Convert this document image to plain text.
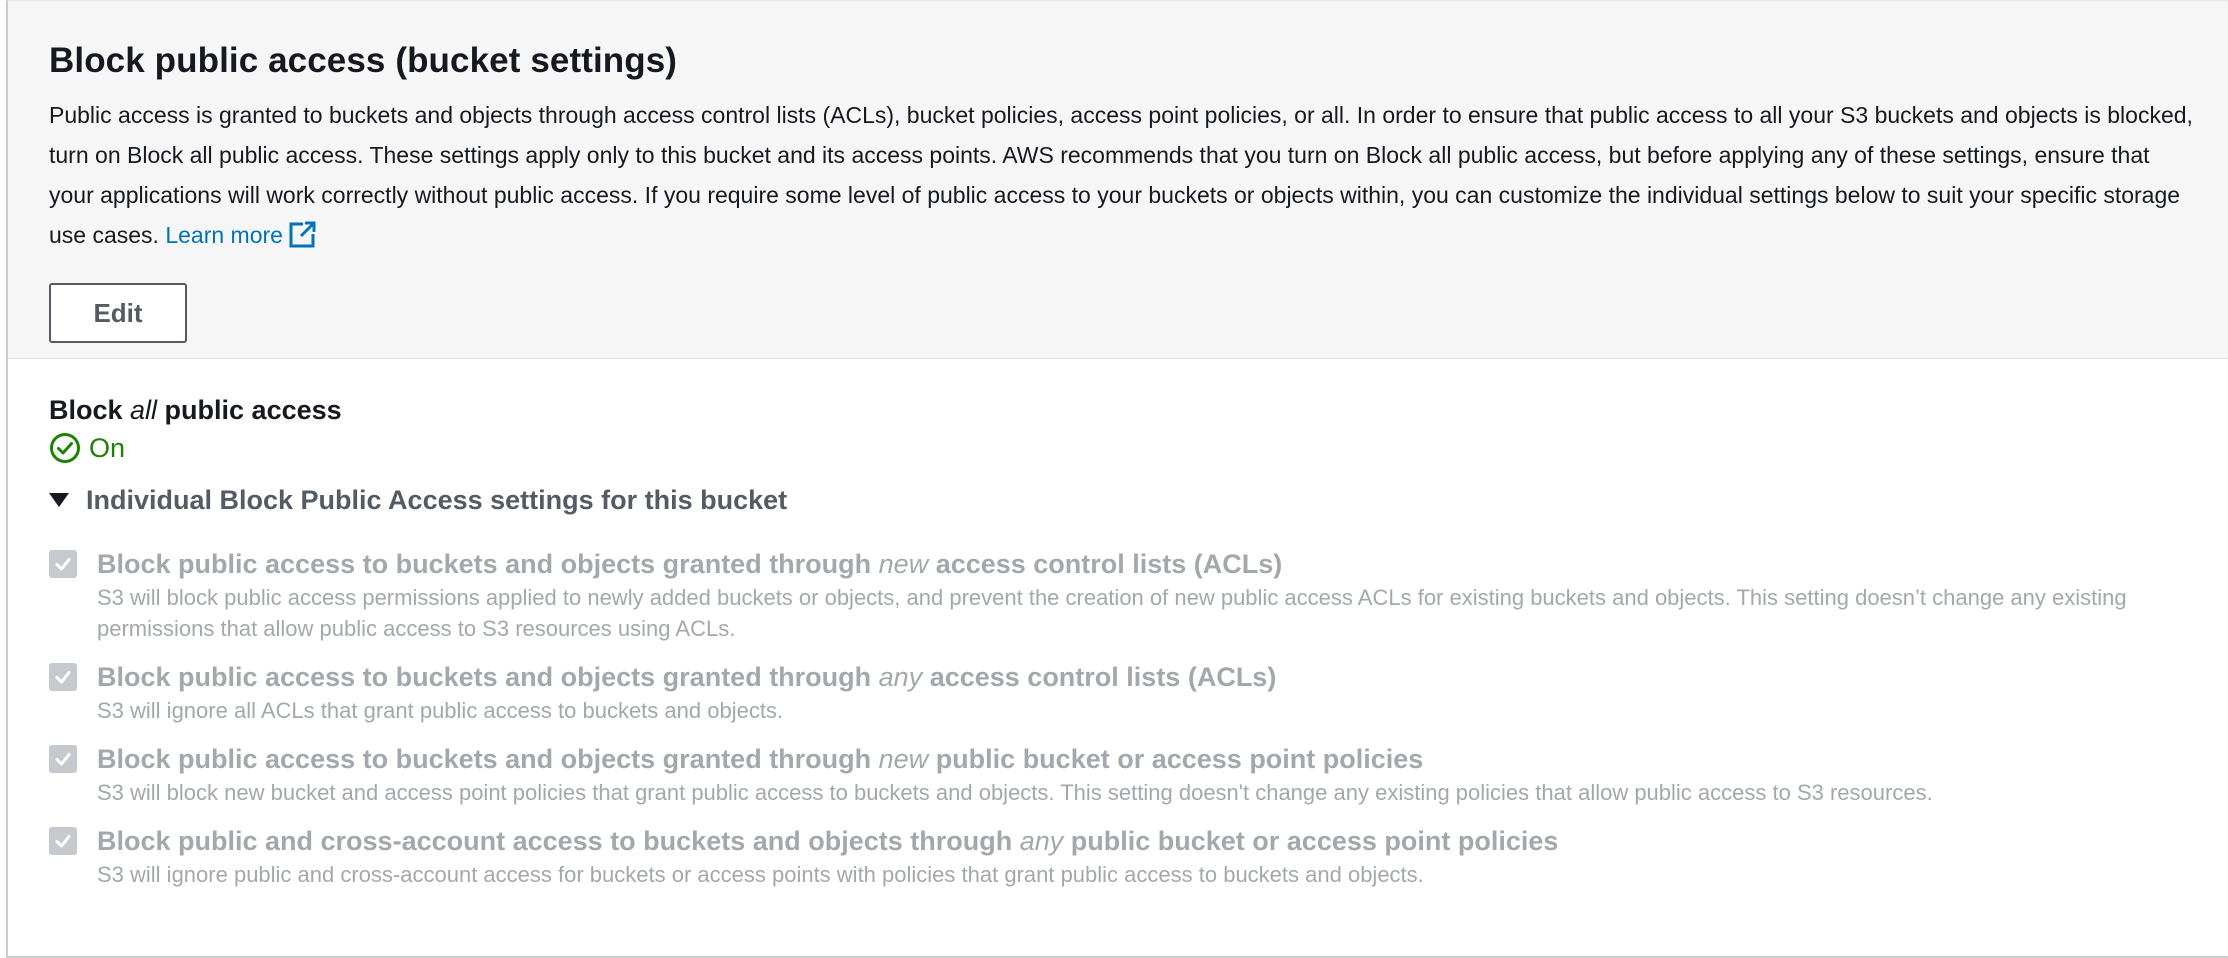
Block public access (bucket settings)

Public access is granted to buckets and objects through access control lists (ACLs), bucket policies, access point policies, or all. In order to ensure that public access to all your S3 buckets and objects is blocked, turn on Block all public access. These settings apply only to this bucket and its access points. AWS recommends that you turn on Block all public access, but before applying any of these settings, ensure that your applications will work correctly without public access. If you require some level of public access to your buckets or objects within, you can customize the individual settings below to suit your specific storage use cases. Learn more

Edit
Block all public access
On
Individual Block Public Access settings for this bucket
Block public access to buckets and objects granted through new access control lists (ACLs)
S3 will block public access permissions applied to newly added buckets or objects, and prevent the creation of new public access ACLs for existing buckets and objects. This setting doesn’t change any existing permissions that allow public access to S3 resources using ACLs.
Block public access to buckets and objects granted through any access control lists (ACLs)
S3 will ignore all ACLs that grant public access to buckets and objects.
Block public access to buckets and objects granted through new public bucket or access point policies
S3 will block new bucket and access point policies that grant public access to buckets and objects. This setting doesn't change any existing policies that allow public access to S3 resources.
Block public and cross-account access to buckets and objects through any public bucket or access point policies
S3 will ignore public and cross-account access for buckets or access points with policies that grant public access to buckets and objects.
